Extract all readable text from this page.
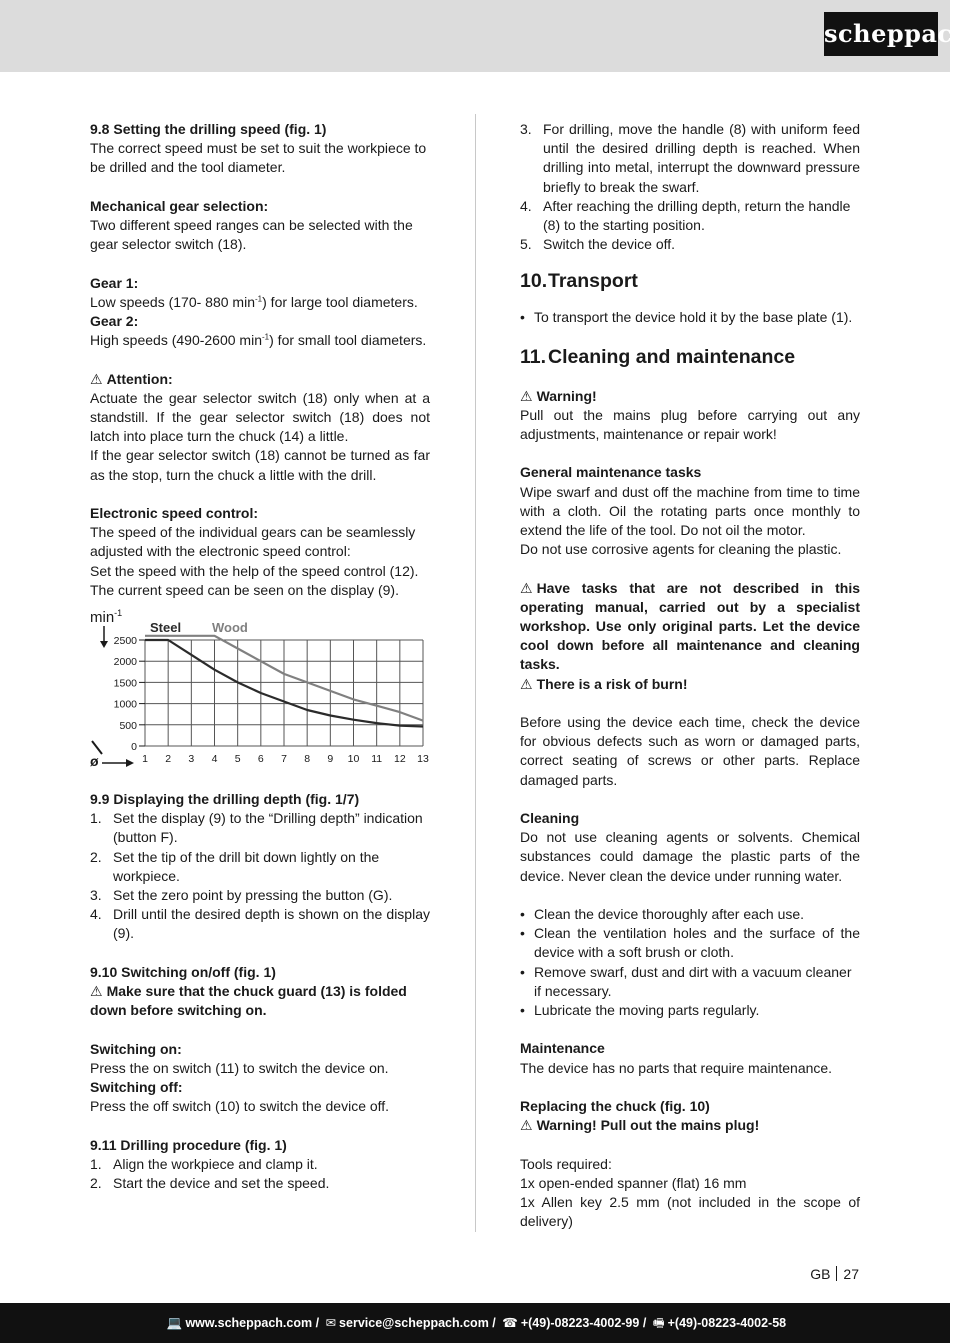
scheppach

9.8 Setting the drilling speed (fig. 1)

The correct speed must be set to suit the workpiece to be drilled and the tool diameter.

Mechanical gear selection:

Two different speed ranges can be selected with the gear selector switch (18).

Gear 1:

Low speeds (170- 880 $\min^{-1}$) for large tool diameters.

Gear 2:

High speeds (490-2600 $\min^{-1}$) for small tool diameters.

⚠ Attention:

Actuate the gear selector switch (18) only when at a standstill. If the gear selector switch (18) does not latch into place turn the chuck (14) a little.

If the gear selector switch (18) cannot be turned as far as the stop, turn the chuck a little with the drill.

Electronic speed control:

The speed of the individual gears can be seamlessly adjusted with the electronic speed control:

Set the speed with the help of the speed control (12).

The current speed can be seen on the display (9).

0
500
1000
1500
2000
2500
1 2 3 4 5 6 7 8 9 10 11 12 13
$\min^{-1}$
ø
Steel Wood

9.9 Displaying the drilling depth (fig. 1/7)

1. Set the display (9) to the “Drilling depth” indication (button F).
2. Set the tip of the drill bit down lightly on the workpiece.
3. Set the zero point by pressing the button (G).
4. Drill until the desired depth is shown on the display (9).

9.10 Switching on/off (fig. 1)

⚠ Make sure that the chuck guard (13) is folded down before switching on.

Switching on:

Press the on switch (11) to switch the device on.

Switching off:

Press the off switch (10) to switch the device off.

9.11 Drilling procedure (fig. 1)

1. Align the workpiece and clamp it.
2. Start the device and set the speed.
3. For drilling, move the handle (8) with uniform feed until the desired drilling depth is reached. When drilling into metal, interrupt the downward pressure briefly to break the swarf.
4. After reaching the drilling depth, return the handle (8) to the starting position.
5. Switch the device off.
10.Transport
• To transport the device hold it by the base plate (1).
11. Cleaning and maintenance

⚠ Warning!

Pull out the mains plug before carrying out any adjustments, maintenance or repair work!

General maintenance tasks

Wipe swarf and dust off the machine from time to time with a cloth. Oil the rotating parts once monthly to extend the life of the tool. Do not oil the motor.

Do not use corrosive agents for cleaning the plastic.

⚠ Have tasks that are not described in this operating manual, carried out by a specialist workshop. Use only original parts. Let the device cool down before all maintenance and cleaning tasks.

⚠ There is a risk of burn!

Before using the device each time, check the device for obvious defects such as worn or damaged parts, correct seating of screws or other parts. Replace damaged parts.

Cleaning

Do not use cleaning agents or solvents. Chemical substances could damage the plastic parts of the device. Never clean the device under running water.

• Clean the device thoroughly after each use.
• Clean the ventilation holes and the surface of the device with a soft brush or cloth.
• Remove swarf, dust and dirt with a vacuum cleaner if necessary.
• Lubricate the moving parts regularly.

Maintenance

The device has no parts that require maintenance.

Replacing the chuck (fig. 10)

⚠ Warning! Pull out the mains plug!

Tools required:

1x open-ended spanner (flat) 16 mm

1x Allen key 2.5 mm (not included in the scope of delivery)

GB 27
💻 www.scheppach.com / ✉ service@scheppach.com / ☎ +(49)-08223-4002-99 / 🖷 +(49)-08223-4002-58
